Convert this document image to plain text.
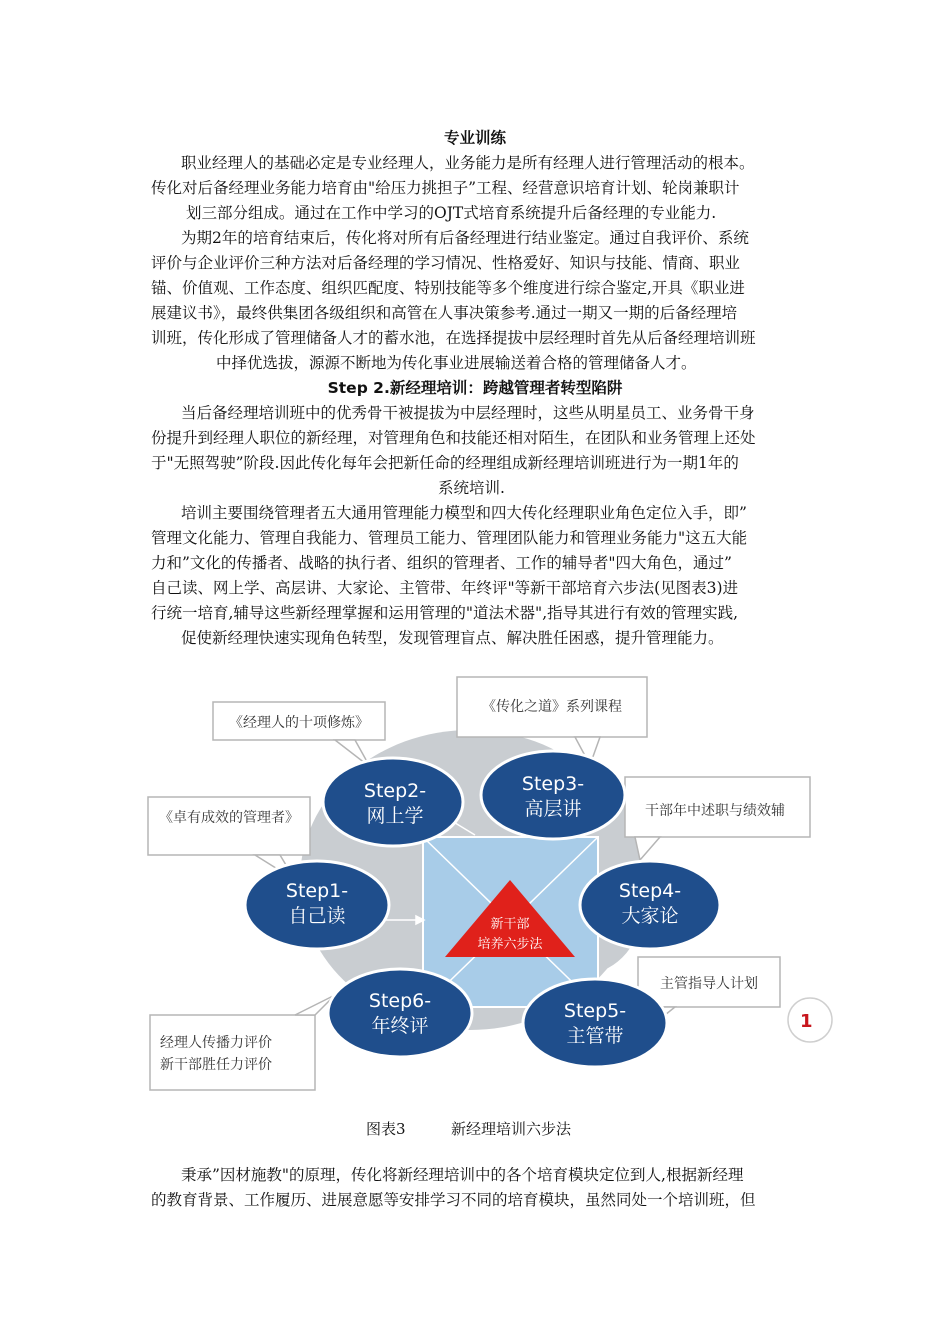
专业训练
职业经理人的基础必定是专业经理人，业务能力是所有经理人进行管理活动的根本。
传化对后备经理业务能力培育由"给压力挑担子”工程、经营意识培育计划、轮岗兼职计
划三部分组成。通过在工作中学习的OJT式培育系统提升后备经理的专业能力.
为期2年的培育结束后，传化将对所有后备经理进行结业鉴定。通过自我评价、系统
评价与企业评价三种方法对后备经理的学习情况、性格爱好、知识与技能、情商、职业
锚、价值观、工作态度、组织匹配度、特别技能等多个维度进行综合鉴定,开具《职业进
展建议书》，最终供集团各级组织和高管在人事决策参考.通过一期又一期的后备经理培
训班，传化形成了管理储备人才的蓄水池，在选择提拔中层经理时首先从后备经理培训班
中择优选拔，源源不断地为传化事业进展输送着合格的管理储备人才。
Step 2.新经理培训：跨越管理者转型陷阱
当后备经理培训班中的优秀骨干被提拔为中层经理时，这些从明星员工、业务骨干身
份提升到经理人职位的新经理，对管理角色和技能还相对陌生，在团队和业务管理上还处
于"无照驾驶”阶段.因此传化每年会把新任命的经理组成新经理培训班进行为一期1年的
系统培训.
培训主要围绕管理者五大通用管理能力模型和四大传化经理职业角色定位入手，即”
管理文化能力、管理自我能力、管理员工能力、管理团队能力和管理业务能力"这五大能
力和”文化的传播者、战略的执行者、组织的管理者、工作的辅导者"四大角色，通过”
自己读、网上学、高层讲、大家论、主管带、年终评"等新干部培育六步法(见图表3)进
行统一培育,辅导这些新经理掌握和运用管理的"道法术器",指导其进行有效的管理实践,
促使新经理快速实现角色转型，发现管理盲点、解决胜任困惑，提升管理能力。
新干部
培养六步法
《经理人的十项修炼》
《传化之道》系列课程
《卓有成效的管理者》	干部年中述职与绩效辅
主管指导人计划
经理人传播力评价
新干部胜任力评价
Step2-
网上学
Step3-
高层讲
Step1-
自己读
Step4-
大家论
Step6-
年终评
Step5-
主管带
1
图表3	新经理培训六步法
秉承”因材施教"的原理，传化将新经理培训中的各个培育模块定位到人,根据新经理
的教育背景、工作履历、进展意愿等安排学习不同的培育模块，虽然同处一个培训班，但
